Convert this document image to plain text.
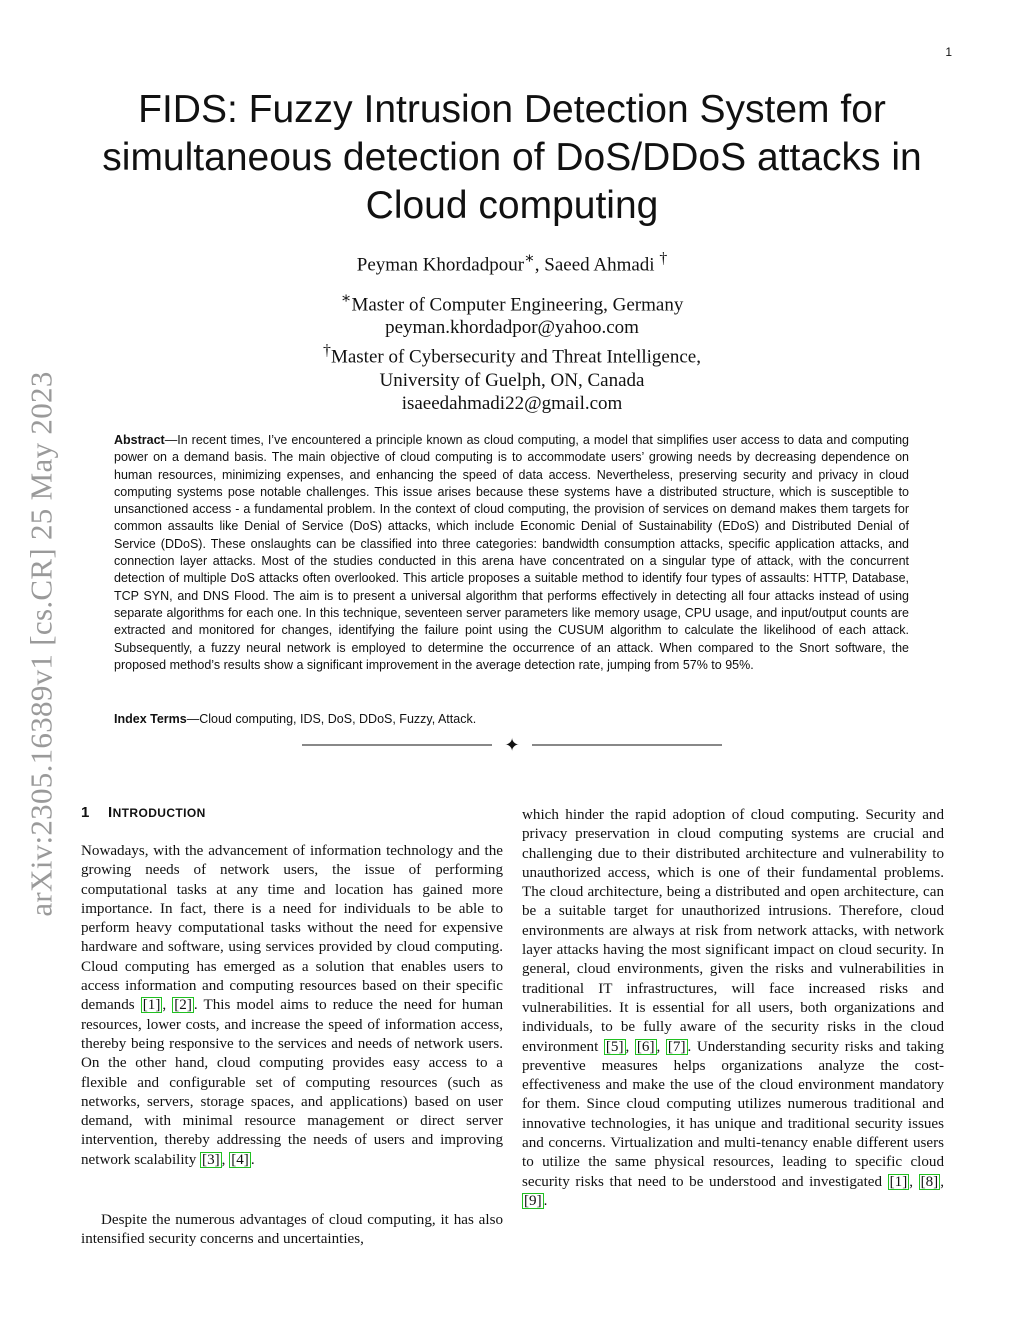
1
arXiv:2305.16389v1 [cs.CR] 25 May 2023
FIDS: Fuzzy Intrusion Detection System for simultaneous detection of DoS/DDoS attacks in Cloud computing
Peyman Khordadpour∗, Saeed Ahmadi †
∗Master of Computer Engineering, Germany
peyman.khordadpor@yahoo.com
†Master of Cybersecurity and Threat Intelligence,
University of Guelph, ON, Canada
isaeedahmadi22@gmail.com

Abstract—In recent times, I’ve encountered a principle known as cloud computing, a model that simplifies user access to data and computing power on a demand basis. The main objective of cloud computing is to accommodate users’ growing needs by decreasing dependence on human resources, minimizing expenses, and enhancing the speed of data access. Nevertheless, preserving security and privacy in cloud computing systems pose notable challenges. This issue arises because these systems have a distributed structure, which is susceptible to unsanctioned access - a fundamental problem. In the context of cloud computing, the provision of services on demand makes them targets for common assaults like Denial of Service (DoS) attacks, which include Economic Denial of Sustainability (EDoS) and Distributed Denial of Service (DDoS). These onslaughts can be classified into three categories: bandwidth consumption attacks, specific application attacks, and connection layer attacks. Most of the studies conducted in this arena have concentrated on a singular type of attack, with the concurrent detection of multiple DoS attacks often overlooked. This article proposes a suitable method to identify four types of assaults: HTTP, Database, TCP SYN, and DNS Flood. The aim is to present a universal algorithm that performs effectively in detecting all four attacks instead of using separate algorithms for each one. In this technique, seventeen server parameters like memory usage, CPU usage, and input/output counts are extracted and monitored for changes, identifying the failure point using the CUSUM algorithm to calculate the likelihood of each attack. Subsequently, a fuzzy neural network is employed to determine the occurrence of an attack. When compared to the Snort software, the proposed method’s results show a significant improvement in the average detection rate, jumping from 57% to 95%.

Index Terms—Cloud computing, IDS, DoS, DDoS, Fuzzy, Attack.

✦
1 INTRODUCTION

Nowadays, with the advancement of information technology and the growing needs of network users, the issue of performing computational tasks at any time and location has gained more importance. In fact, there is a need for individuals to be able to perform heavy computational tasks without the need for expensive hardware and software, using services provided by cloud computing. Cloud computing has emerged as a solution that enables users to access information and computing resources based on their specific demands [1] , [2] . This model aims to reduce the need for human resources, lower costs, and increase the speed of information access, thereby being responsive to the services and needs of network users. On the other hand, cloud computing provides easy access to a flexible and configurable set of computing resources (such as networks, servers, storage spaces, and applications) based on user demand, with minimal resource management or direct server intervention, thereby addressing the needs of users and improving network scalability [3] , [4] .

Despite the numerous advantages of cloud computing, it has also intensified security concerns and uncertainties,

which hinder the rapid adoption of cloud computing. Security and privacy preservation in cloud computing systems are crucial and challenging due to their distributed architecture and vulnerability to unauthorized access, which is one of their fundamental problems. The cloud architecture, being a distributed and open architecture, can be a suitable target for unauthorized intrusions. Therefore, cloud environments are always at risk from network attacks, with network layer attacks having the most significant impact on cloud security. In general, cloud environments, given the risks and vulnerabilities in traditional IT infrastructures, will face increased risks and vulnerabilities. It is essential for all users, both organizations and individuals, to be fully aware of the security risks in the cloud environment [5] , [6] , [7] . Understanding security risks and taking preventive measures helps organizations analyze the cost-effectiveness and make the use of the cloud environment mandatory for them. Since cloud computing utilizes numerous traditional and innovative technologies, it has unique and traditional security issues and concerns. Virtualization and multi-tenancy enable different users to utilize the same physical resources, leading to specific cloud security risks that need to be understood and investigated [1] , [8] , [9] .
